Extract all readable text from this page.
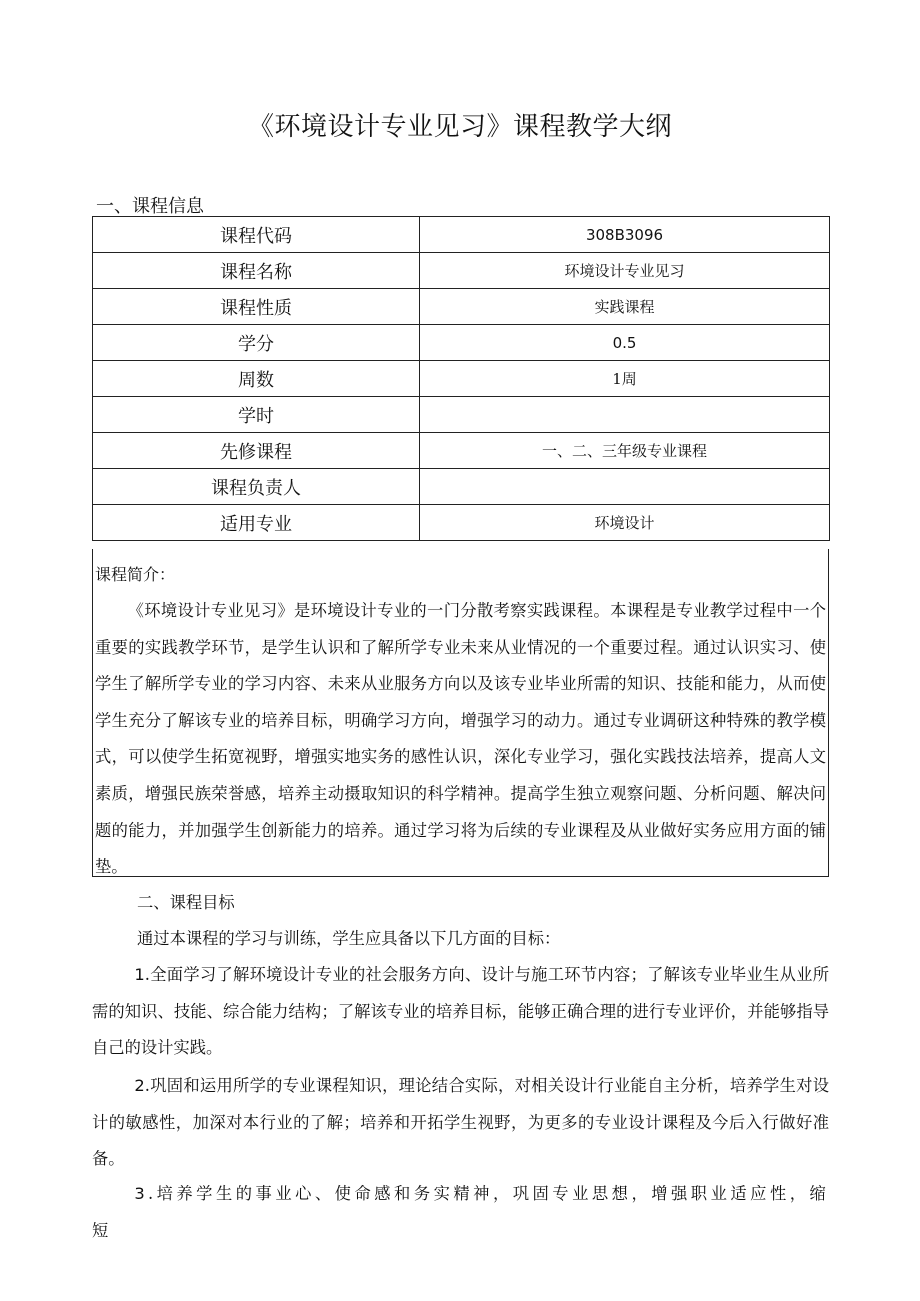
《环境设计专业见习》课程教学大纲
一、课程信息
课程代码	308B3096
课程名称	环境设计专业见习
课程性质	实践课程
学分	0.5
周数	1周
学时	
先修课程	一、二、三年级专业课程
课程负责人	
适用专业	环境设计
课程简介：
《环境设计专业见习》是环境设计专业的一门分散考察实践课程。本课程是专业教学过程中一个重要的实践教学环节，是学生认识和了解所学专业未来从业情况的一个重要过程。通过认识实习、使学生了解所学专业的学习内容、未来从业服务方向以及该专业毕业所需的知识、技能和能力，从而使学生充分了解该专业的培养目标，明确学习方向，增强学习的动力。通过专业调研这种特殊的教学模式，可以使学生拓宽视野，增强实地实务的感性认识，深化专业学习，强化实践技法培养，提高人文素质，增强民族荣誉感，培养主动摄取知识的科学精神。提高学生独立观察问题、分析问题、解决问题的能力，并加强学生创新能力的培养。通过学习将为后续的专业课程及从业做好实务应用方面的铺垫。
二、课程目标
通过本课程的学习与训练，学生应具备以下几方面的目标：
1.全面学习了解环境设计专业的社会服务方向、设计与施工环节内容；了解该专业毕业生从业所需的知识、技能、综合能力结构；了解该专业的培养目标，能够正确合理的进行专业评价，并能够指导自己的设计实践。
2.巩固和运用所学的专业课程知识，理论结合实际，对相关设计行业能自主分析，培养学生对设计的敏感性，加深对本行业的了解；培养和开拓学生视野，为更多的专业设计课程及今后入行做好准备。
3.培养学生的事业心、使命感和务实精神，巩固专业思想，增强职业适应性，缩短
